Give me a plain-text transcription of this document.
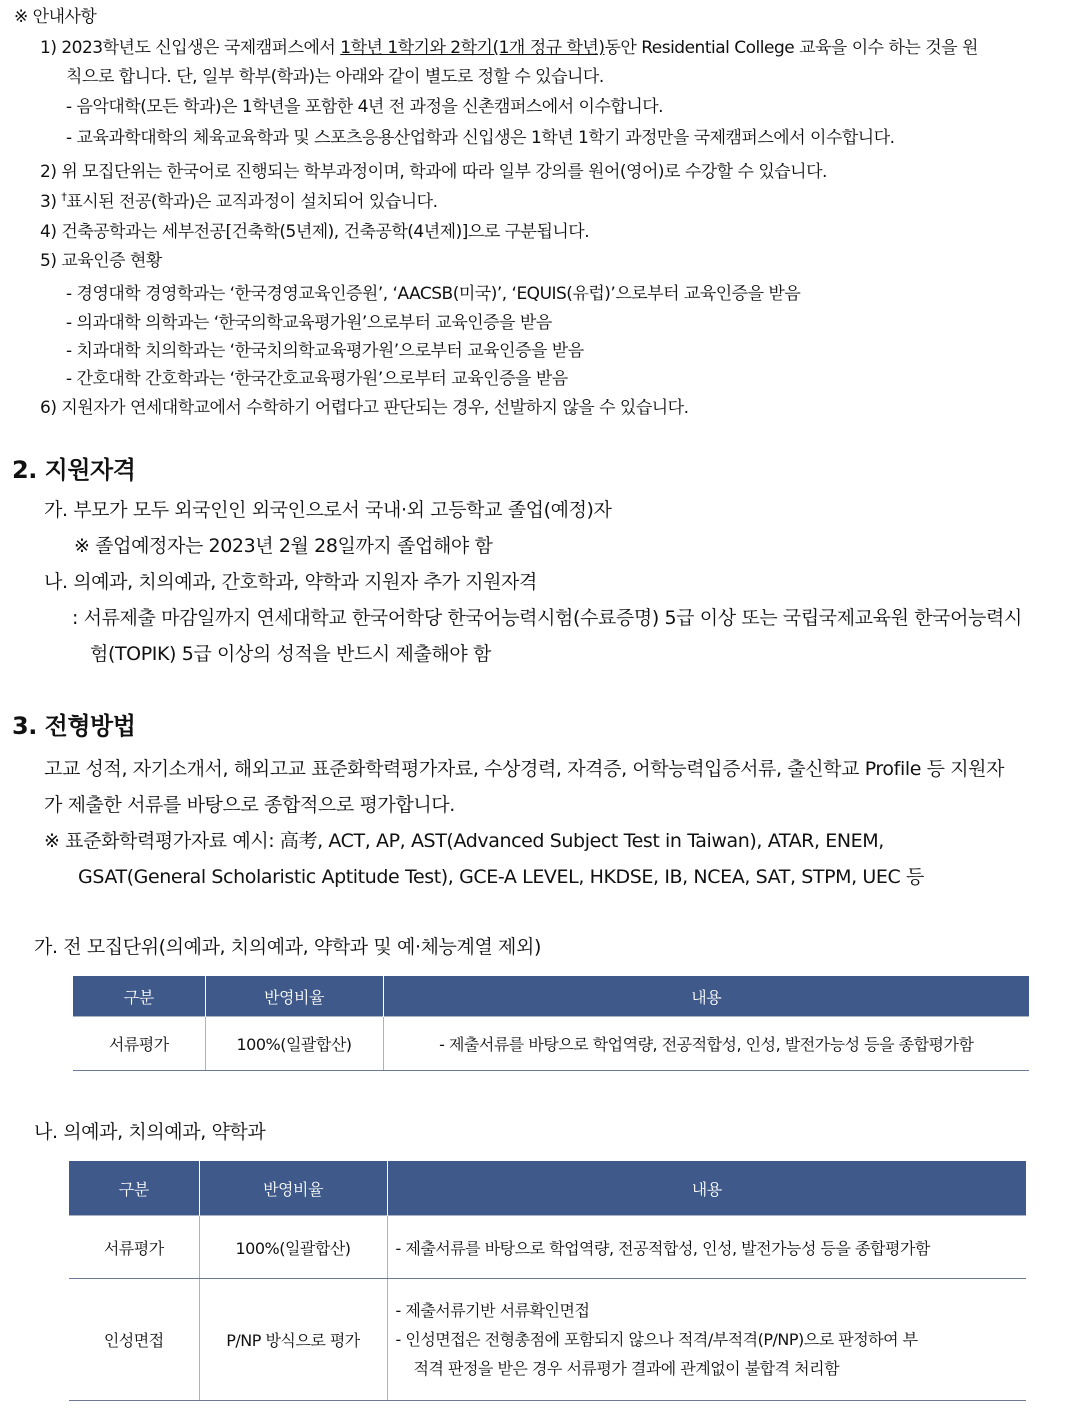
※ 안내사항
1) 2023학년도 신입생은 국제캠퍼스에서 1학년 1학기와 2학기(1개 정규 학년)동안 Residential College 교육을 이수 하는 것을 원
칙으로 합니다. 단, 일부 학부(학과)는 아래와 같이 별도로 정할 수 있습니다.
- 음악대학(모든 학과)은 1학년을 포함한 4년 전 과정을 신촌캠퍼스에서 이수합니다.
- 교육과학대학의 체육교육학과 및 스포츠응용산업학과 신입생은 1학년 1학기 과정만을 국제캠퍼스에서 이수합니다.
2) 위 모집단위는 한국어로 진행되는 학부과정이며, 학과에 따라 일부 강의를 원어(영어)로 수강할 수 있습니다.
3) †표시된 전공(학과)은 교직과정이 설치되어 있습니다.
4) 건축공학과는 세부전공[건축학(5년제), 건축공학(4년제)]으로 구분됩니다.
5) 교육인증 현황
- 경영대학 경영학과는 ‘한국경영교육인증원’, ‘AACSB(미국)’, ‘EQUIS(유럽)’으로부터 교육인증을 받음
- 의과대학 의학과는 ‘한국의학교육평가원’으로부터 교육인증을 받음
- 치과대학 치의학과는 ‘한국치의학교육평가원’으로부터 교육인증을 받음
- 간호대학 간호학과는 ‘한국간호교육평가원’으로부터 교육인증을 받음
6) 지원자가 연세대학교에서 수학하기 어렵다고 판단되는 경우, 선발하지 않을 수 있습니다.
2. 지원자격
가. 부모가 모두 외국인인 외국인으로서 국내·외 고등학교 졸업(예정)자
※ 졸업예정자는 2023년 2월 28일까지 졸업해야 함
나. 의예과, 치의예과, 간호학과, 약학과 지원자 추가 지원자격
: 서류제출 마감일까지 연세대학교 한국어학당 한국어능력시험(수료증명) 5급 이상 또는 국립국제교육원 한국어능력시
험(TOPIK) 5급 이상의 성적을 반드시 제출해야 함
3. 전형방법
고교 성적, 자기소개서, 해외고교 표준화학력평가자료, 수상경력, 자격증, 어학능력입증서류, 출신학교 Profile 등 지원자
가 제출한 서류를 바탕으로 종합적으로 평가합니다.
※ 표준화학력평가자료 예시: 高考, ACT, AP, AST(Advanced Subject Test in Taiwan), ATAR, ENEM,
GSAT(General Scholaristic Aptitude Test), GCE-A LEVEL, HKDSE, IB, NCEA, SAT, STPM, UEC 등
가. 전 모집단위(의예과, 치의예과, 약학과 및 예·체능계열 제외)
구분	반영비율	내용
서류평가	100%(일괄합산)	- 제출서류를 바탕으로 학업역량, 전공적합성, 인성, 발전가능성 등을 종합평가함
나. 의예과, 치의예과, 약학과
구분	반영비율	내용
서류평가	100%(일괄합산)	- 제출서류를 바탕으로 학업역량, 전공적합성, 인성, 발전가능성 등을 종합평가함
인성면접	P/NP 방식으로 평가	- 제출서류기반 서류확인면접
- 인성면접은 전형총점에 포함되지 않으나 적격/부적격(P/NP)으로 판정하여 부
적격 판정을 받은 경우 서류평가 결과에 관계없이 불합격 처리함
